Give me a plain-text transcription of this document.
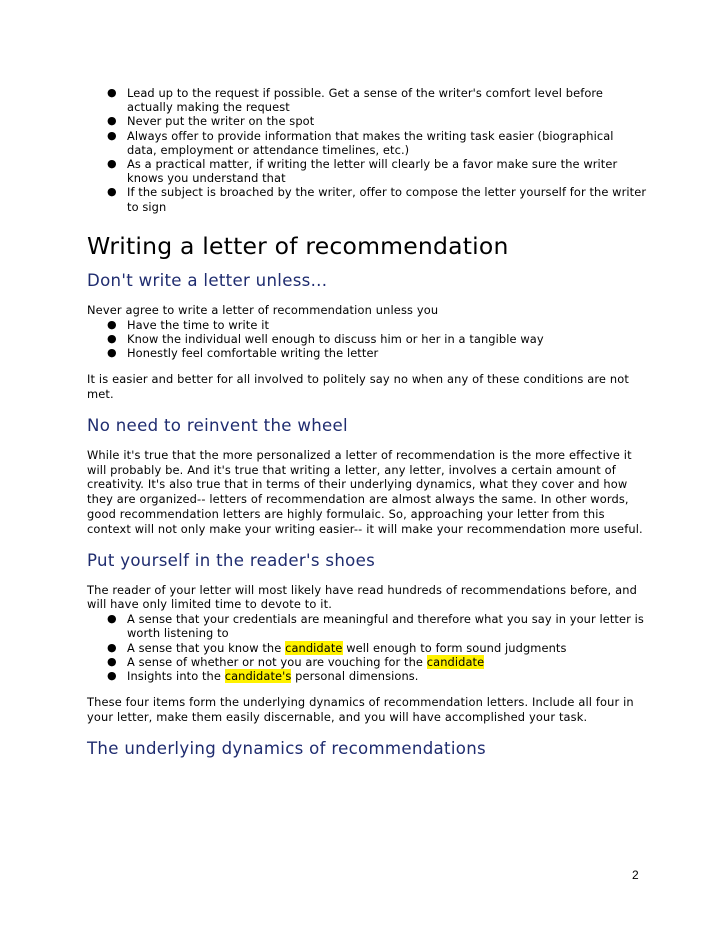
● Lead up to the request if possible. Get a sense of the writer's comfort level before actually making the request
● Never put the writer on the spot
● Always offer to provide information that makes the writing task easier (biographical data, employment or attendance timelines, etc.)
● As a practical matter, if writing the letter will clearly be a favor make sure the writer knows you understand that
● If the subject is broached by the writer, offer to compose the letter yourself for the writer to sign
Writing a letter of recommendation
Don't write a letter unless...

Never agree to write a letter of recommendation unless you

● Have the time to write it
● Know the individual well enough to discuss him or her in a tangible way
● Honestly feel comfortable writing the letter

It is easier and better for all involved to politely say no when any of these conditions are not met.

No need to reinvent the wheel

While it's true that the more personalized a letter of recommendation is the more effective it will probably be. And it's true that writing a letter, any letter, involves a certain amount of creativity. It's also true that in terms of their underlying dynamics, what they cover and how they are organized-- letters of recommendation are almost always the same. In other words, good recommendation letters are highly formulaic. So, approaching your letter from this context will not only make your writing easier-- it will make your recommendation more useful.

Put yourself in the reader's shoes

The reader of your letter will most likely have read hundreds of recommendations before, and will have only limited time to devote to it.

● A sense that your credentials are meaningful and therefore what you say in your letter is worth listening to
● A sense that you know the candidate well enough to form sound judgments
● A sense of whether or not you are vouching for the candidate
● Insights into the candidate's personal dimensions.

These four items form the underlying dynamics of recommendation letters. Include all four in your letter, make them easily discernable, and you will have accomplished your task.

The underlying dynamics of recommendations
2
